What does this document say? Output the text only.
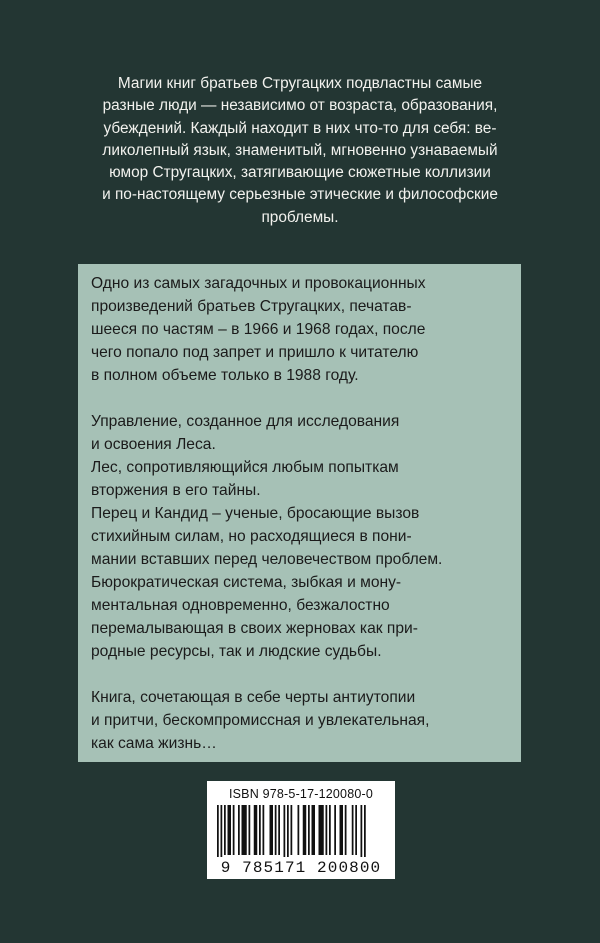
Магии книг братьев Стругацких подвластны самые

разные люди — независимо от возраста, образования,

убеждений. Каждый находит в них что-то для себя: ве-

ликолепный язык, знаменитый, мгновенно узнаваемый

юмор Стругацких, затягивающие сюжетные коллизии

и по-настоящему серьезные этические и философские

проблемы.

Одно из самых загадочных и провокационных

произведений братьев Стругацких, печатав-

шееся по частям – в 1966 и 1968 годах, после

чего попало под запрет и пришло к читателю

в полном объеме только в 1988 году.

Управление, созданное для исследования

и освоения Леса.

Лес, сопротивляющийся любым попыткам

вторжения в его тайны.

Перец и Кандид – ученые, бросающие вызов

стихийным силам, но расходящиеся в пони-

мании вставших перед человечеством проблем.

Бюрократическая система, зыбкая и мону-

ментальная одновременно, безжалостно

перемалывающая в своих жерновах как при-

родные ресурсы, так и людские судьбы.

Книга, сочетающая в себе черты антиутопии

и притчи, бескомпромиссная и увлекательная,

как сама жизнь…

ISBN 978-5-17-120080-0
9 785171 200800
